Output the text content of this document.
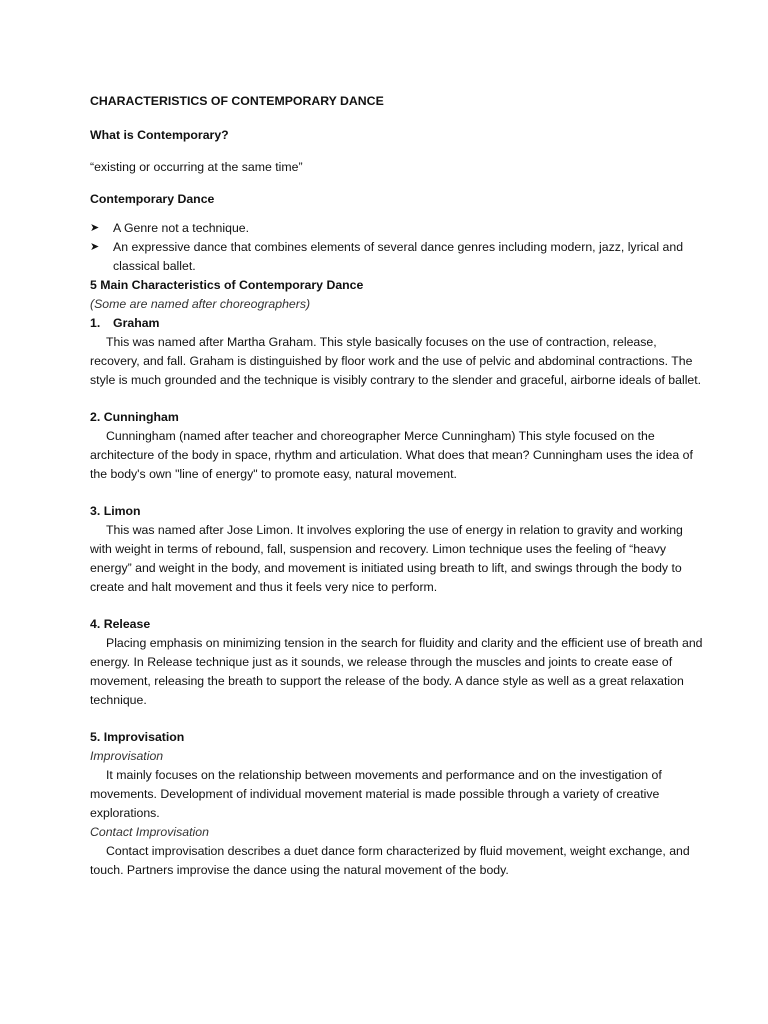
CHARACTERISTICS OF CONTEMPORARY DANCE

What is Contemporary?

“existing or occurring at the same time”

Contemporary Dance

➤	A Genre not a technique.
➤	An expressive dance that combines elements of several dance genres including modern, jazz, lyrical and classical ballet.

5 Main Characteristics of Contemporary Dance

(Some are named after choreographers)

1.	Graham

This was named after Martha Graham. This style basically focuses on the use of contraction, release, recovery, and fall. Graham is distinguished by floor work and the use of pelvic and abdominal contractions. The style is much grounded and the technique is visibly contrary to the slender and graceful, airborne ideals of ballet.

2. Cunningham

Cunningham (named after teacher and choreographer Merce Cunningham) This style focused on the architecture of the body in space, rhythm and articulation. What does that mean? Cunningham uses the idea of the body's own "line of energy" to promote easy, natural movement.

3. Limon

This was named after Jose Limon. It involves exploring the use of energy in relation to gravity and working with weight in terms of rebound, fall, suspension and recovery. Limon technique uses the feeling of “heavy energy” and weight in the body, and movement is initiated using breath to lift, and swings through the body to create and halt movement and thus it feels very nice to perform.

4. Release

Placing emphasis on minimizing tension in the search for fluidity and clarity and the efficient use of breath and energy. In Release technique just as it sounds, we release through the muscles and joints to create ease of movement, releasing the breath to support the release of the body. A dance style as well as a great relaxation technique.

5. Improvisation

Improvisation

It mainly focuses on the relationship between movements and performance and on the investigation of movements. Development of individual movement material is made possible through a variety of creative explorations.

Contact Improvisation

Contact improvisation describes a duet dance form characterized by fluid movement, weight exchange, and touch. Partners improvise the dance using the natural movement of the body.
